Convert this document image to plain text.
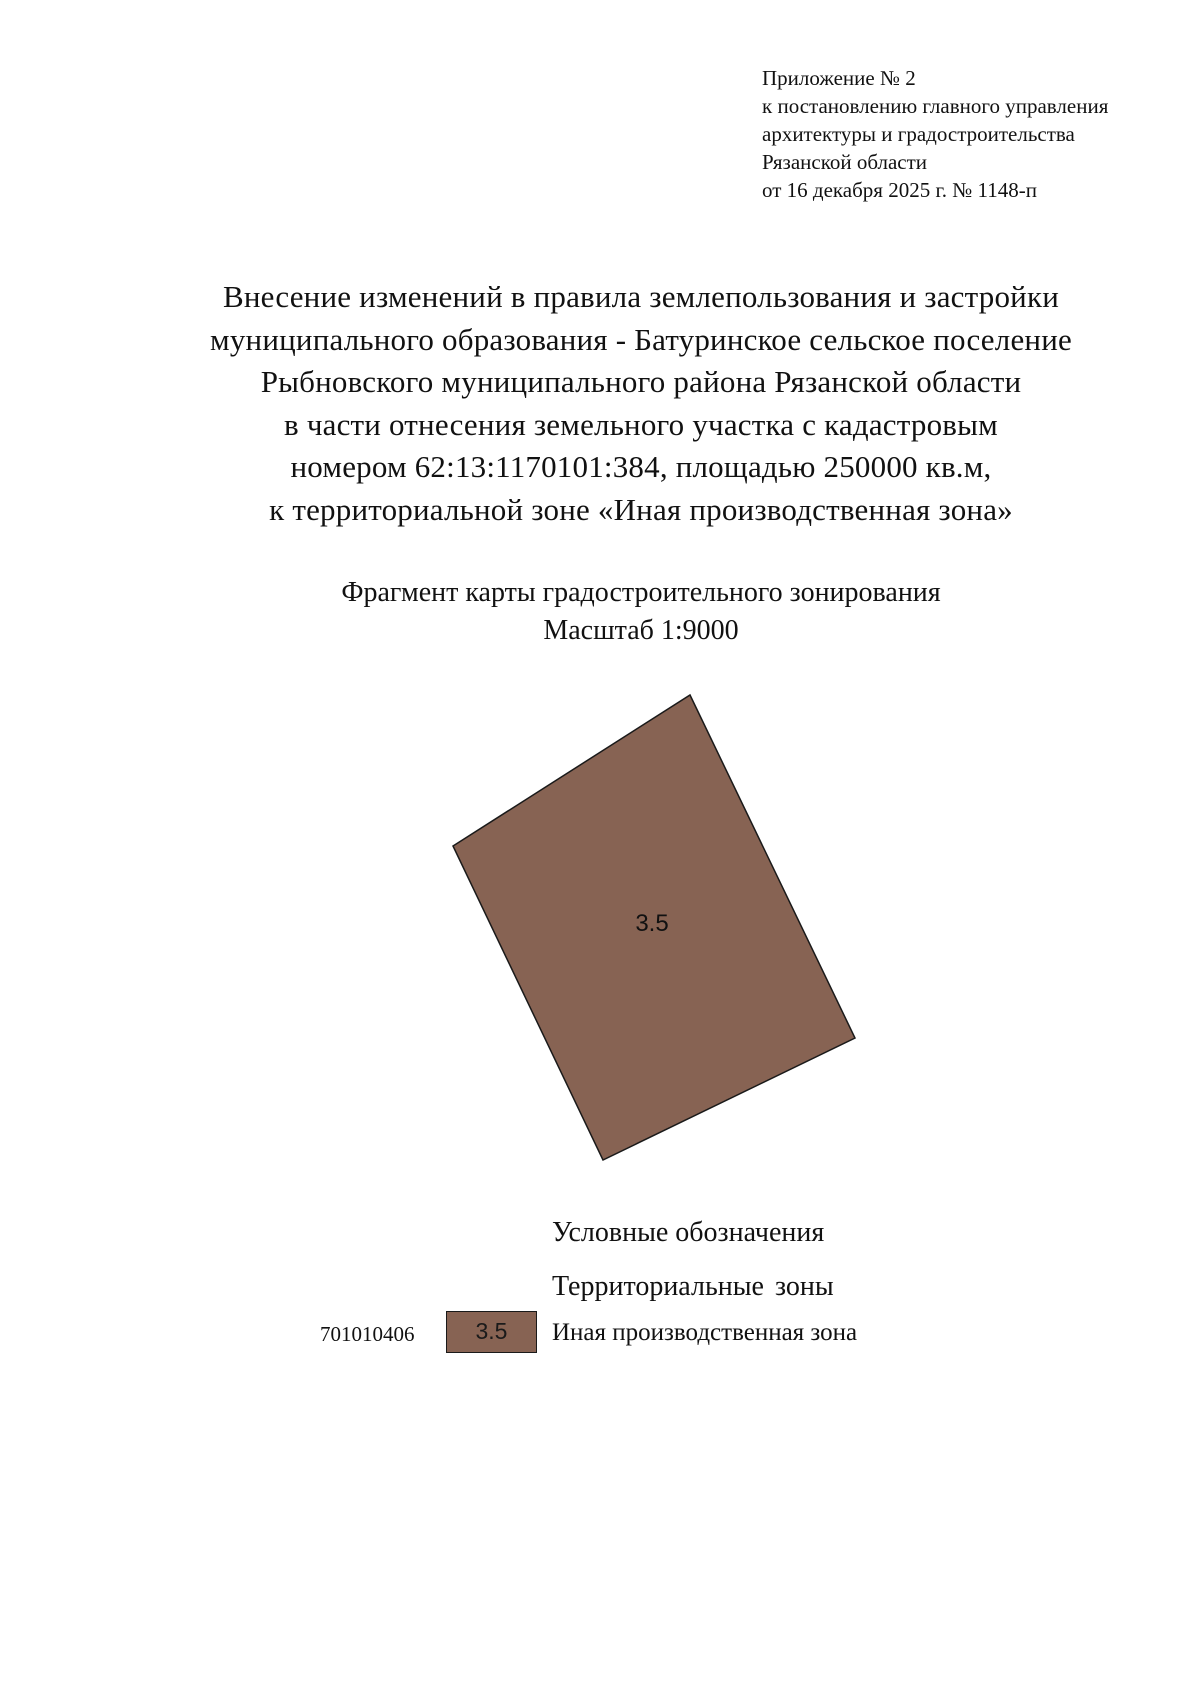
Приложение № 2
к постановлению главного управления
архитектуры и градостроительства
Рязанской области
от 16 декабря 2025 г. № 1148-п
Внесение изменений в правила землепользования и застройки
муниципального образования - Батуринское сельское поселение
Рыбновского муниципального района Рязанской области
в части отнесения земельного участка с кадастровым
номером 62:13:1170101:384, площадью 250000 кв.м,
к территориальной зоне «Иная производственная зона»
Фрагмент карты градостроительного зонирования
Масштаб 1:9000
3.5
Условные обозначения
Территориальные зоны
701010406	3.5	Иная производственная зона
